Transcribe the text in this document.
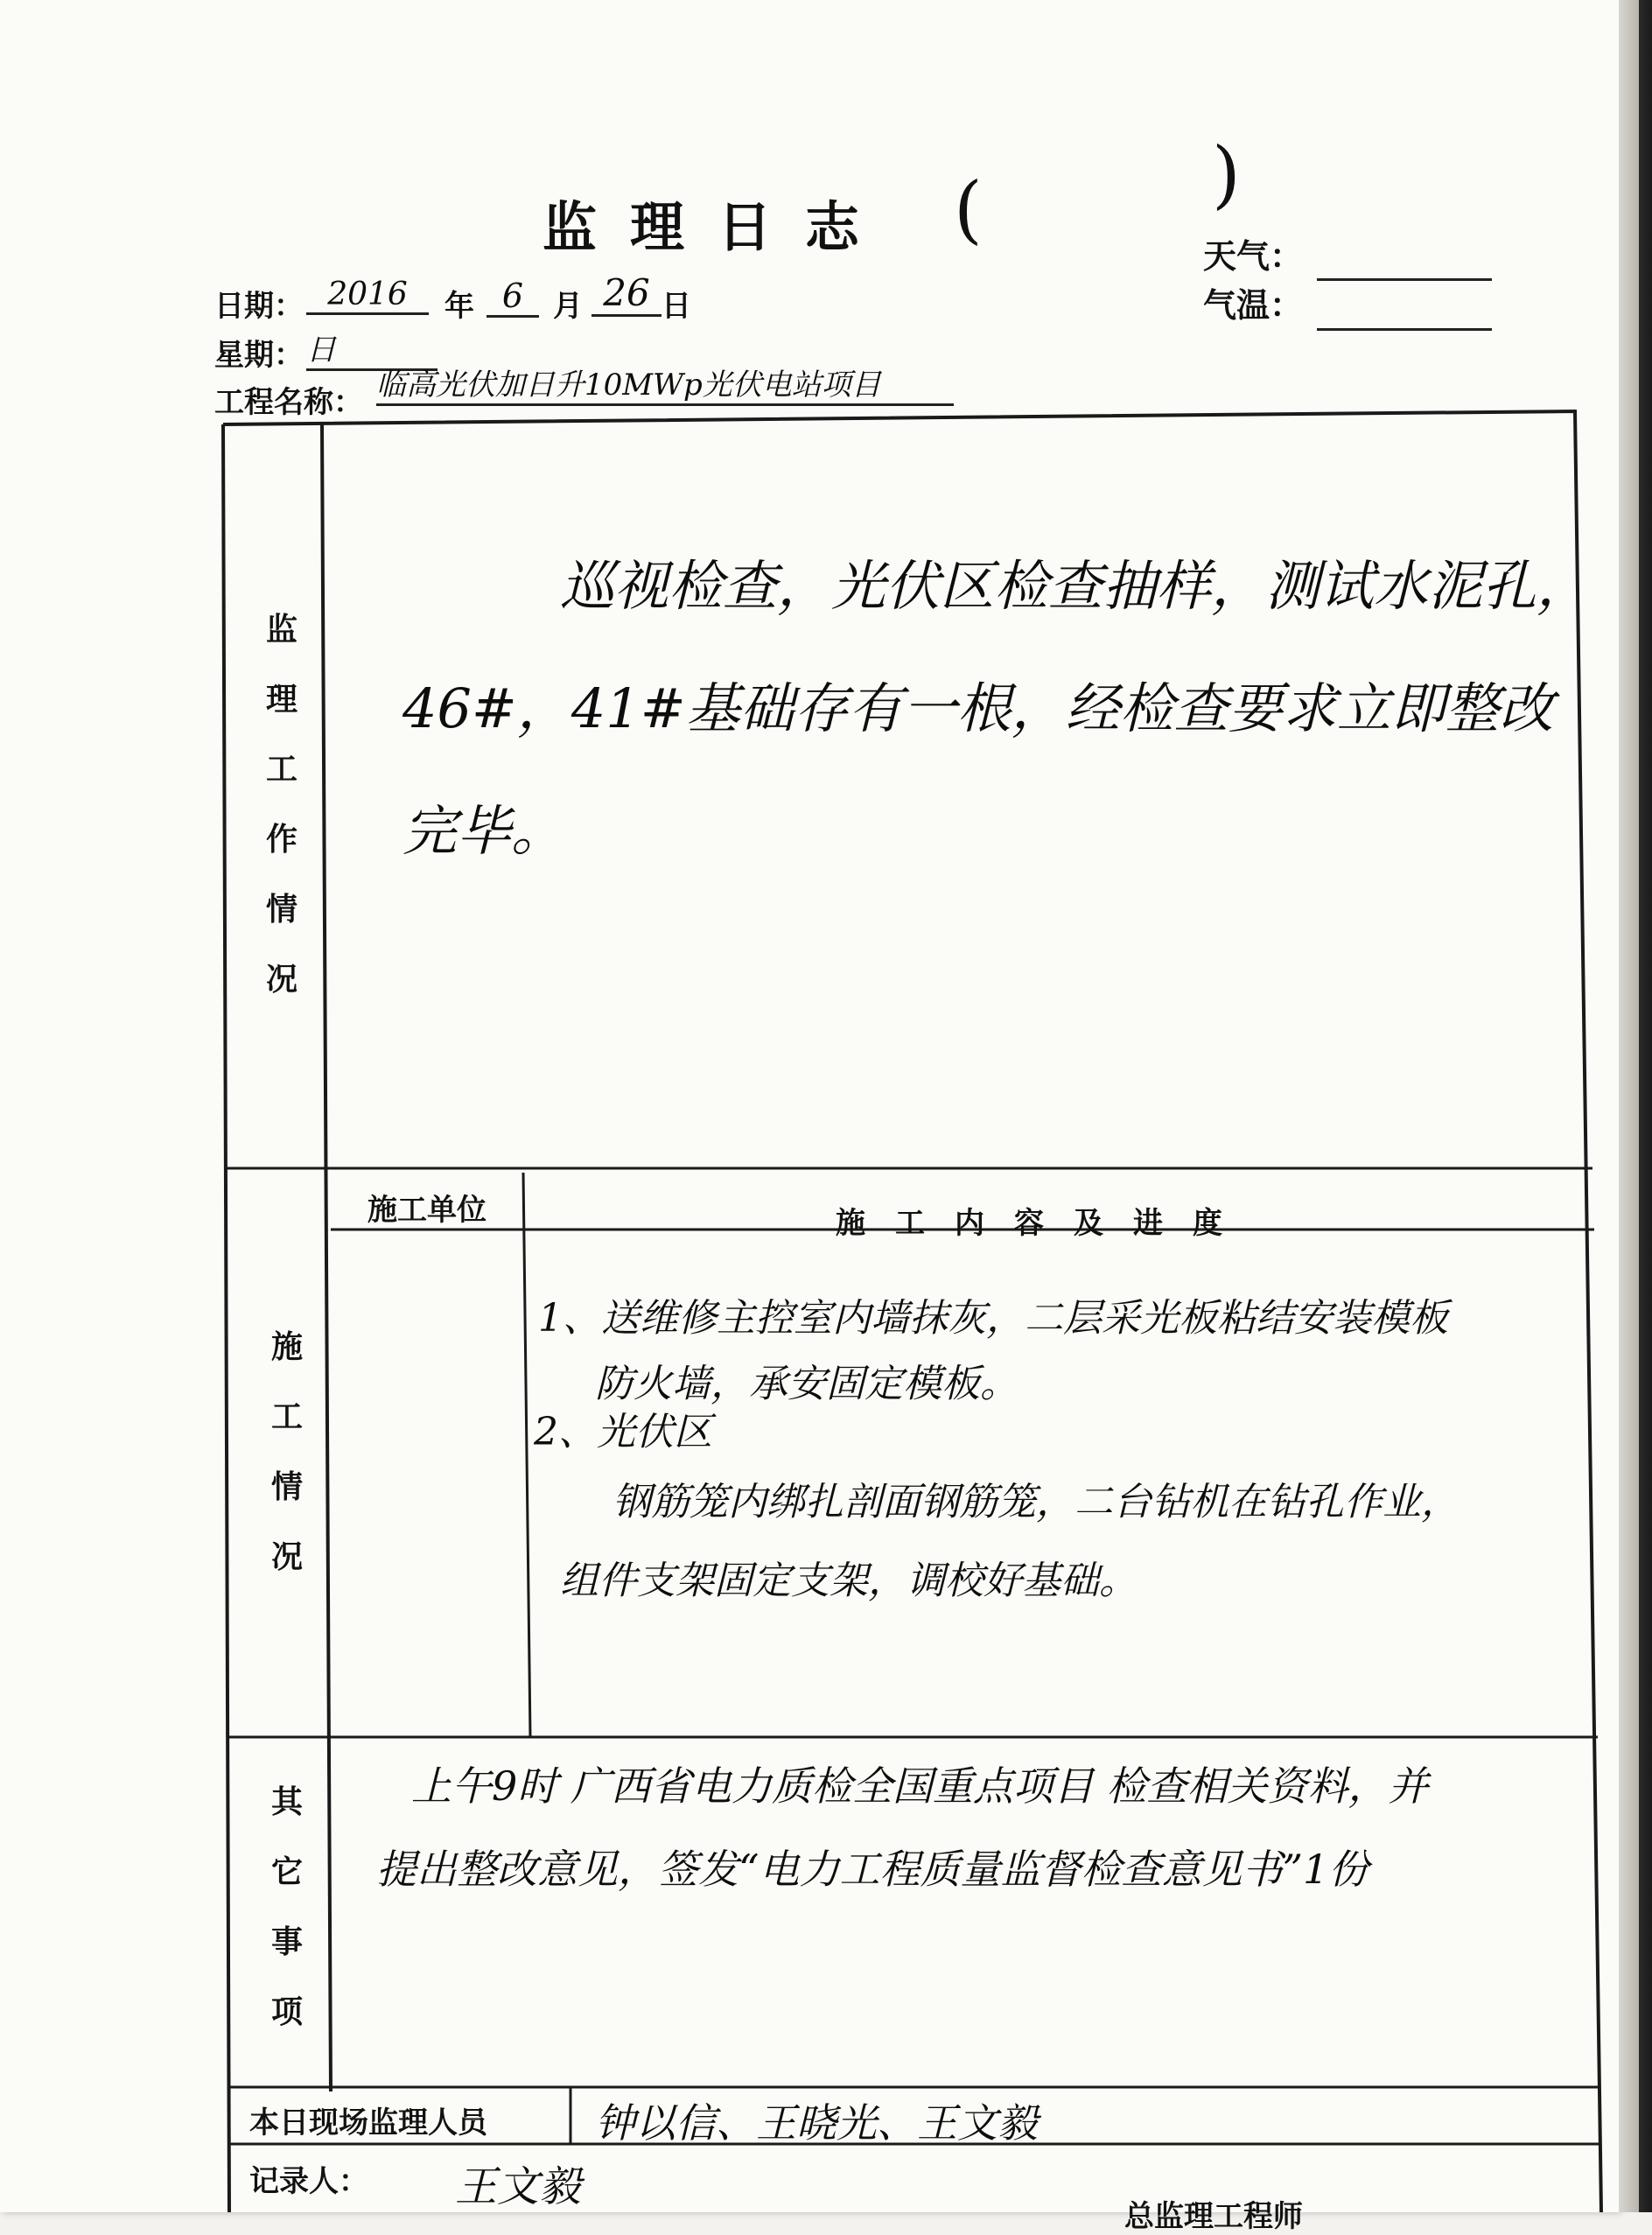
监理日志 (	)
天气：
气温：
日期： 2016	年 6 月 26 日
星期： 日
工程名称： 临高光伏加日升10MWp光伏电站项目
监
理
工
作
情
况
巡视检查，光伏区检查抽样，测试水泥孔，
46#，41#基础存有一根，经检查要求立即整改
完毕。
施
工
情
况
施工单位	施工内容及进度
1、送维修主控室内墙抹灰，二层采光板粘结安装模板
防火墙，承安固定模板。
2、光伏区
钢筋笼内绑扎剖面钢筋笼，二台钻机在钻孔作业，
组件支架固定支架，调校好基础。
其
它
事
项
上午9时 广西省电力质检全国重点项目 检查相关资料，并
提出整改意见，签发“电力工程质量监督检查意见书”1份
本日现场监理人员	钟以信、王晓光、王文毅
记录人： 王文毅
总监理工程师
